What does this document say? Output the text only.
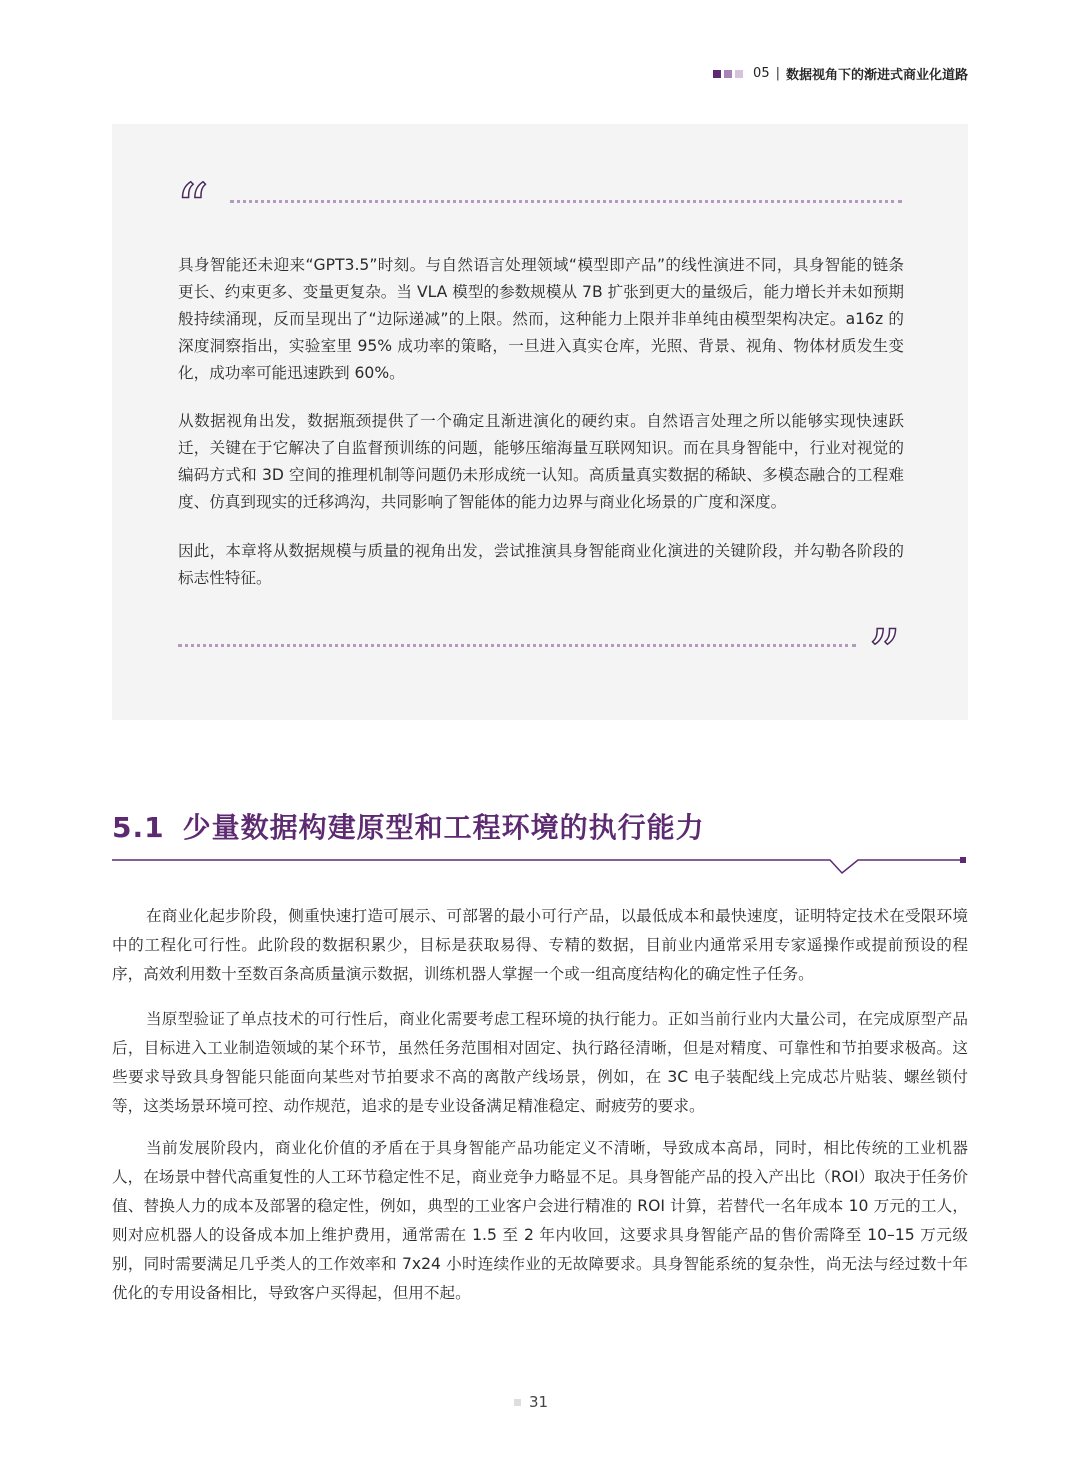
05 | 数据视角下的渐进式商业化道路
“

具身智能还未迎来“GPT3.5”时刻。与自然语言处理领域“模型即产品”的线性演进不同，具身智能的链条更长、约束更多、变量更复杂。当 VLA 模型的参数规模从 7B 扩张到更大的量级后，能力增长并未如预期般持续涌现，反而呈现出了“边际递减”的上限。然而，这种能力上限并非单纯由模型架构决定。a16z 的深度洞察指出，实验室里 95% 成功率的策略，一旦进入真实仓库，光照、背景、视角、物体材质发生变化，成功率可能迅速跌到 60%。

从数据视角出发，数据瓶颈提供了一个确定且渐进演化的硬约束。自然语言处理之所以能够实现快速跃迁，关键在于它解决了自监督预训练的问题，能够压缩海量互联网知识。而在具身智能中，行业对视觉的编码方式和 3D 空间的推理机制等问题仍未形成统一认知。高质量真实数据的稀缺、多模态融合的工程难度、仿真到现实的迁移鸿沟，共同影响了智能体的能力边界与商业化场景的广度和深度。

因此，本章将从数据规模与质量的视角出发，尝试推演具身智能商业化演进的关键阶段，并勾勒各阶段的标志性特征。

”
5.1 少量数据构建原型和工程环境的执行能力

在商业化起步阶段，侧重快速打造可展示、可部署的最小可行产品，以最低成本和最快速度，证明特定技术在受限环境中的工程化可行性。此阶段的数据积累少，目标是获取易得、专精的数据，目前业内通常采用专家遥操作或提前预设的程序，高效利用数十至数百条高质量演示数据，训练机器人掌握一个或一组高度结构化的确定性子任务。

当原型验证了单点技术的可行性后，商业化需要考虑工程环境的执行能力。正如当前行业内大量公司，在完成原型产品后，目标进入工业制造领域的某个环节，虽然任务范围相对固定、执行路径清晰，但是对精度、可靠性和节拍要求极高。这些要求导致具身智能只能面向某些对节拍要求不高的离散产线场景，例如，在 3C 电子装配线上完成芯片贴装、螺丝锁付等，这类场景环境可控、动作规范，追求的是专业设备满足精准稳定、耐疲劳的要求。

当前发展阶段内，商业化价值的矛盾在于具身智能产品功能定义不清晰，导致成本高昂，同时，相比传统的工业机器人，在场景中替代高重复性的人工环节稳定性不足，商业竞争力略显不足。具身智能产品的投入产出比（ROI）取决于任务价值、替换人力的成本及部署的稳定性，例如，典型的工业客户会进行精准的 ROI 计算，若替代一名年成本 10 万元的工人，则对应机器人的设备成本加上维护费用，通常需在 1.5 至 2 年内收回，这要求具身智能产品的售价需降至 10–15 万元级别，同时需要满足几乎类人的工作效率和 7x24 小时连续作业的无故障要求。具身智能系统的复杂性，尚无法与经过数十年优化的专用设备相比，导致客户买得起，但用不起。

31
